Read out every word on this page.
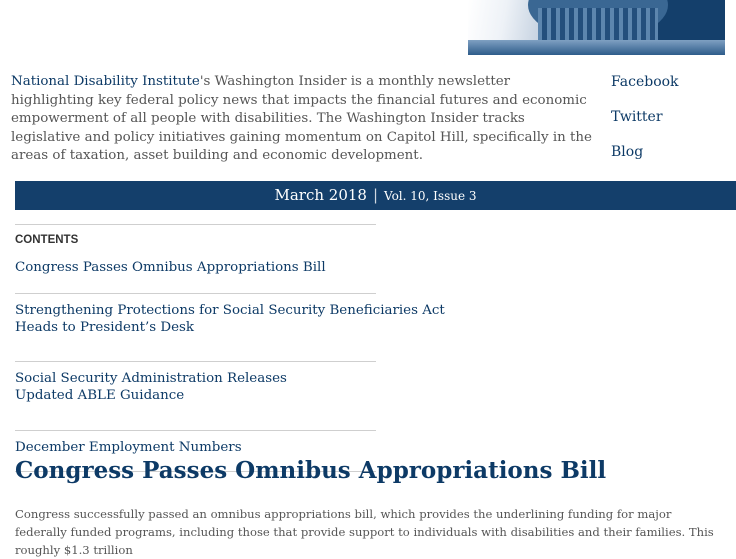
National Disability Institute's Washington Insider is a monthly newsletter highlighting key federal policy news that impacts the financial futures and economic empowerment of all people with disabilities. The Washington Insider tracks legislative and policy initiatives gaining momentum on Capitol Hill, specifically in the areas of taxation, asset building and economic development.

Facebook
Twitter
Blog
March 2018 | Vol. 10, Issue 3
CONTENTS
Congress Passes Omnibus Appropriations Bill
Strengthening Protections for Social Security Beneficiaries Act Heads to President’s Desk
Social Security Administration Releases Updated ABLE Guidance
December Employment Numbers
Congress Passes Omnibus Appropriations Bill

Congress successfully passed an omnibus appropriations bill, which provides the underlining funding for major federally funded programs, including those that provide support to individuals with disabilities and their families. This roughly $1.3 trillion
